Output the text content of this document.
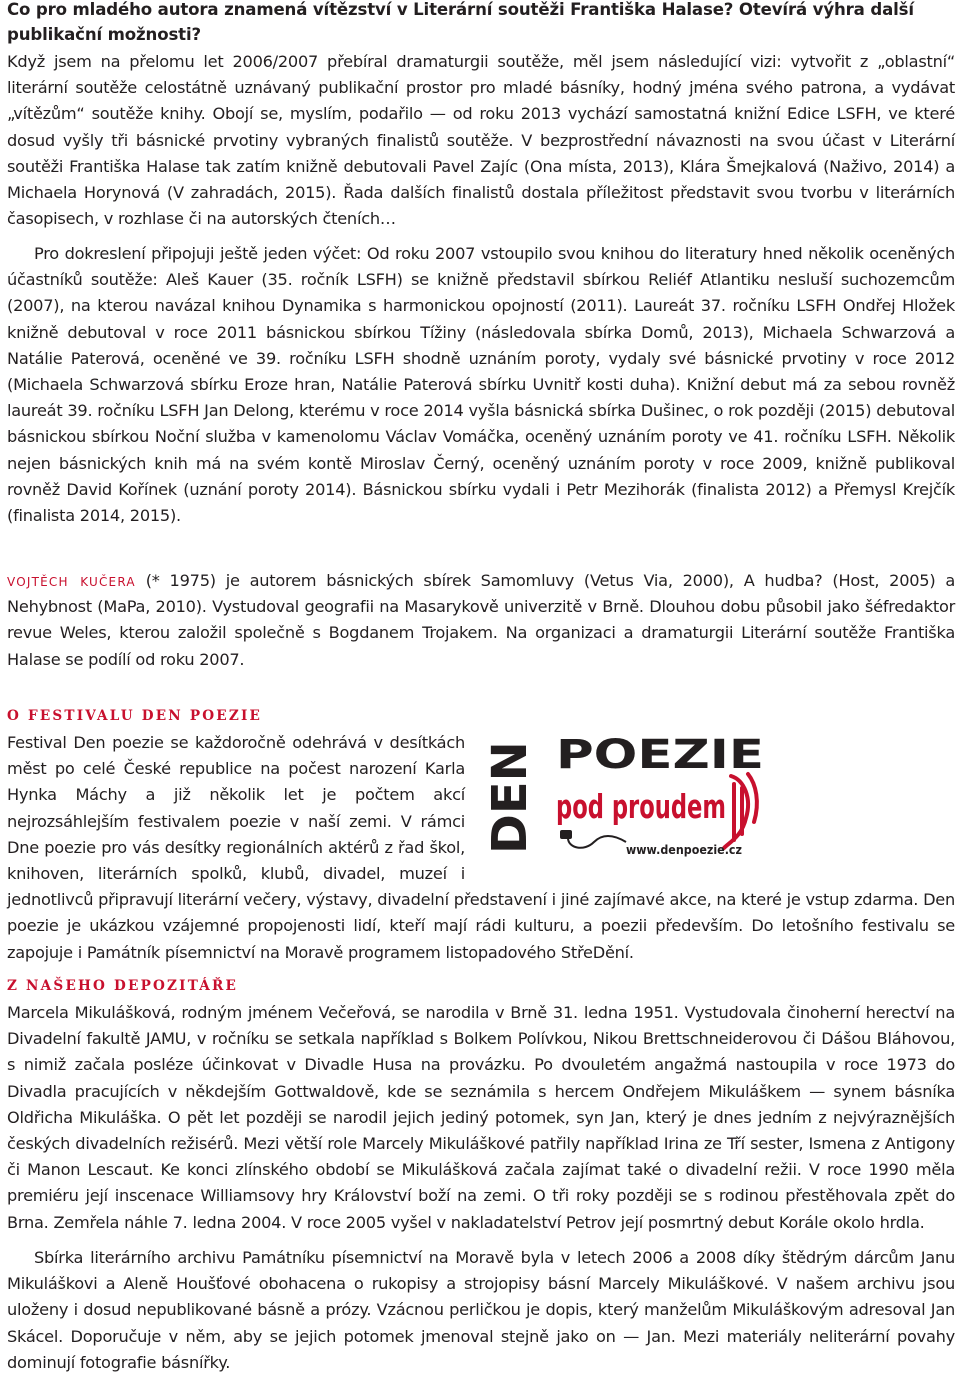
Co pro mladého autora znamená vítězství v Literární soutěži Františka Halase? Otevírá výhra další publikační možnosti?
Když jsem na přelomu let 2006/2007 přebíral dramaturgii soutěže, měl jsem následující vizi: vytvořit z „oblastní“ literární soutěže celostátně uznávaný publikační prostor pro mladé básníky, hodný jména svého patrona, a vydávat „vítězům“ soutěže knihy. Obojí se, myslím, podařilo — od roku 2013 vychází samostatná knižní Edice LSFH, ve které dosud vyšly tři básnické prvotiny vybraných finalistů soutěže. V bezprostřední návaznosti na svou účast v Literární soutěži Františka Halase tak zatím knižně debutovali Pavel Zajíc (Ona místa, 2013), Klára Šmejkalová (Naživo, 2014) a Michaela Horynová (V zahradách, 2015). Řada dalších finalistů dostala příležitost představit svou tvorbu v literárních časopisech, v rozhlase či na autorských čteních…
Pro dokreslení připojuji ještě jeden výčet: Od roku 2007 vstoupilo svou knihou do literatury hned několik oceněných účastníků soutěže: Aleš Kauer (35. ročník LSFH) se knižně představil sbírkou Reliéf Atlantiku nesluší suchozemcům (2007), na kterou navázal knihou Dynamika s harmonickou opojností (2011). Laureát 37. ročníku LSFH Ondřej Hložek knižně debutoval v roce 2011 básnickou sbírkou Tížiny (následovala sbírka Domů, 2013), Michaela Schwarzová a Natálie Paterová, oceněné ve 39. ročníku LSFH shodně uznáním poroty, vydaly své básnické prvotiny v roce 2012 (Michaela Schwarzová sbírku Eroze hran, Natálie Paterová sbírku Uvnitř kosti duha). Knižní debut má za sebou rovněž laureát 39. ročníku LSFH Jan Delong, kterému v roce 2014 vyšla básnická sbírka Dušinec, o rok později (2015) debutoval básnickou sbírkou Noční služba v kamenolomu Václav Vomáčka, oceněný uznáním poroty ve 41. ročníku LSFH. Několik nejen básnických knih má na svém kontě Miroslav Černý, oceněný uznáním poroty v roce 2009, knižně publikoval rovněž David Kořínek (uznání poroty 2014). Básnickou sbírku vydali i Petr Mezihorák (finalista 2012) a Přemysl Krejčík (finalista 2014, 2015).
vojtěch kučera (* 1975) je autorem básnických sbírek Samomluvy (Vetus Via, 2000), A hudba? (Host, 2005) a Nehybnost (MaPa, 2010). Vystudoval geografii na Masarykově univerzitě v Brně. Dlouhou dobu působil jako šéfredaktor revue Weles, kterou založil společně s Bogdanem Trojakem. Na organizaci a dramaturgii Literární soutěže Františka Halase se podílí od roku 2007.
O FESTIVALU DEN POEZIE
Festival Den poezie se každoročně odehrává v desítkách měst po celé České republice na počest narození Karla Hynka Máchy a již několik let je počtem akcí nejrozsáhlejším festivalem poezie v naší zemi. V rámci Dne poezie pro vás desítky regionálních aktérů z řad škol, knihoven, literárních spolků, klubů, divadel, muzeí i jednotlivců připravují literární večery, výstavy, divadelní představení i jiné zajímavé akce, na které je vstup zdarma. Den poezie je ukázkou vzájemné propojenosti lidí, kteří mají rádi kulturu, a poezii především. Do letošního festivalu se zapojuje i Památník písemnictví na Moravě programem listopadového StřeDění.
Z NAŠEHO DEPOZITÁŘE
Marcela Mikulášková, rodným jménem Večeřová, se narodila v Brně 31. ledna 1951. Vystudovala činoherní herectví na Divadelní fakultě JAMU, v ročníku se setkala například s Bolkem Polívkou, Nikou Brettschneiderovou či Dášou Bláhovou, s nimiž začala posléze účinkovat v Divadle Husa na provázku. Po dvouletém angažmá nastoupila v roce 1973 do Divadla pracujících v někdejším Gottwaldově, kde se seznámila s hercem Ondřejem Mikuláškem — synem básníka Oldřicha Mikuláška. O pět let později se narodil jejich jediný potomek, syn Jan, který je dnes jedním z nejvýraznějších českých divadelních režisérů. Mezi větší role Marcely Mikuláškové patřily například Irina ze Tří sester, Ismena z Antigony či Manon Lescaut. Ke konci zlínského období se Mikulášková začala zajímat také o divadelní režii. V roce 1990 měla premiéru její inscenace Williamsovy hry Království boží na zemi. O tři roky později se s rodinou přestěhovala zpět do Brna. Zemřela náhle 7. ledna 2004. V roce 2005 vyšel v nakladatelství Petrov její posmrtný debut Korále okolo hrdla.
Sbírka literárního archivu Památníku písemnictví na Moravě byla v letech 2006 a 2008 díky štědrým dárcům Janu Mikuláškovi a Aleně Houšťové obohacena o rukopisy a strojopisy básní Marcely Mikuláškové. V našem archivu jsou uloženy i dosud nepublikované básně a prózy. Vzácnou perličkou je dopis, který manželům Mikuláškovým adresoval Jan Skácel. Doporučuje v něm, aby se jejich potomek jmenoval stejně jako on — Jan. Mezi materiály neliterární povahy dominují fotografie básnířky.
DEN POEZIE
pod proudem
www.denpoezie.cz
